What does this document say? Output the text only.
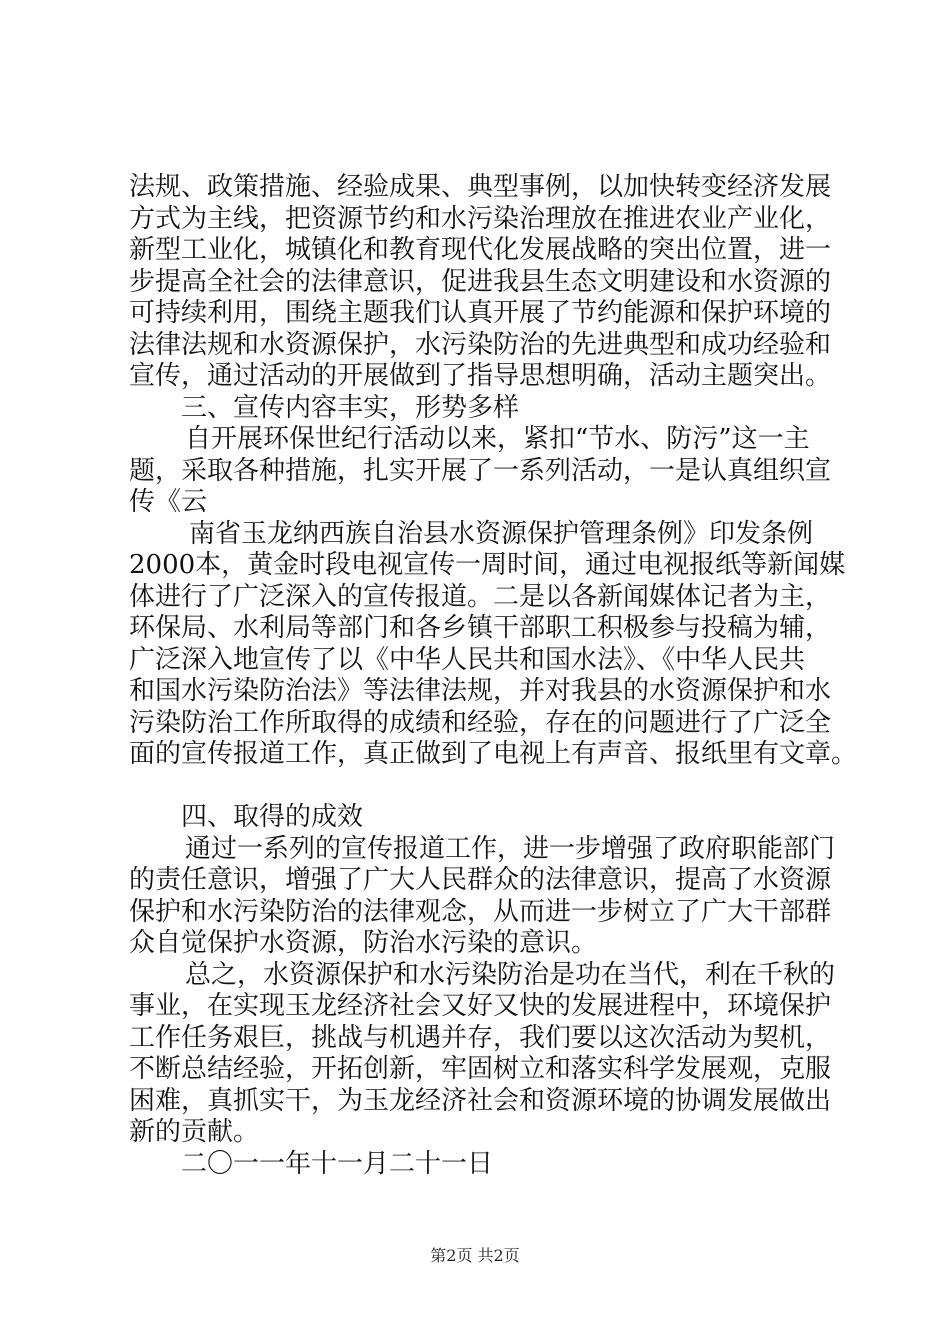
法规、政策措施、经验成果、典型事例，以加快转变经济发展
方式为主线，把资源节约和水污染治理放在推进农业产业化，
新型工业化，城镇化和教育现代化发展战略的突出位置，进一
步提高全社会的法律意识，促进我县生态文明建设和水资源的
可持续利用，围绕主题我们认真开展了节约能源和保护环境的
法律法规和水资源保护，水污染防治的先进典型和成功经验和
宣传，通过活动的开展做到了指导思想明确，活动主题突出。
三、宣传内容丰实，形势多样
自开展环保世纪行活动以来，紧扣“节水、防污”这一主
题，采取各种措施，扎实开展了一系列活动，一是认真组织宣
传《云
南省玉龙纳西族自治县水资源保护管理条例》印发条例
2000本，黄金时段电视宣传一周时间，通过电视报纸等新闻媒
体进行了广泛深入的宣传报道。二是以各新闻媒体记者为主，
环保局、水利局等部门和各乡镇干部职工积极参与投稿为辅，
广泛深入地宣传了以《中华人民共和国水法》、《中华人民共
和国水污染防治法》等法律法规，并对我县的水资源保护和水
污染防治工作所取得的成绩和经验，存在的问题进行了广泛全
面的宣传报道工作，真正做到了电视上有声音、报纸里有文章。
四、取得的成效
通过一系列的宣传报道工作，进一步增强了政府职能部门
的责任意识，增强了广大人民群众的法律意识，提高了水资源
保护和水污染防治的法律观念，从而进一步树立了广大干部群
众自觉保护水资源，防治水污染的意识。
总之，水资源保护和水污染防治是功在当代，利在千秋的
事业，在实现玉龙经济社会又好又快的发展进程中，环境保护
工作任务艰巨，挑战与机遇并存，我们要以这次活动为契机，
不断总结经验，开拓创新，牢固树立和落实科学发展观，克服
困难，真抓实干，为玉龙经济社会和资源环境的协调发展做出
新的贡献。
二〇一一年十一月二十一日
第2页 共2页
